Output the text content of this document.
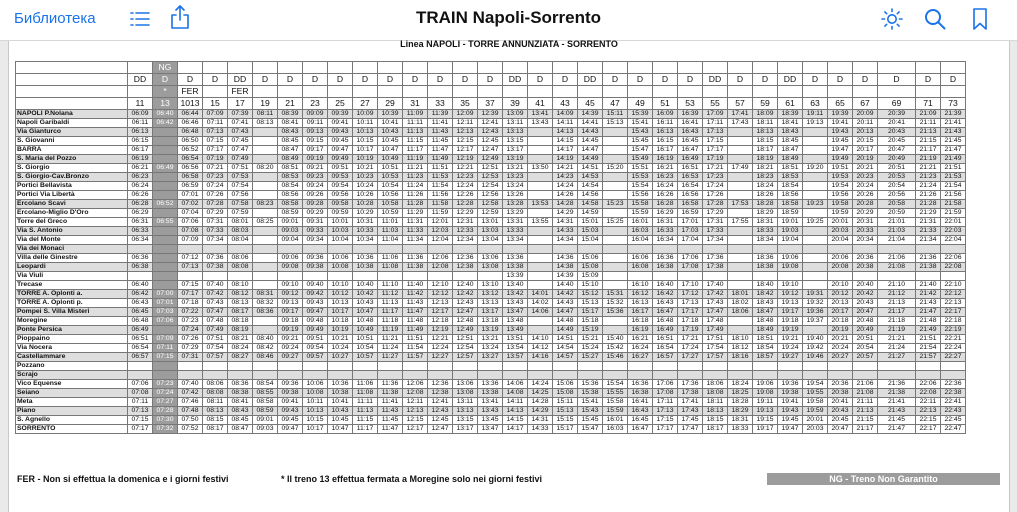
Библиотека	TRAIN Napoli-Sorrento
Linea NAPOLI - TORRE ANNUNZIATA - SORRENTO
		NG																															
	DD	D	D	D	DD	D	D	D	D	D	D	D	D	D	D	DD	D	D	DD	D	D	D	D	DD	D	D	DD	D	D	D	D	D	D
		*	FER		FER																												
	11	13	1013	15	17	19	21	23	25	27	29	31	33	35	37	39	41	43	45	47	49	51	53	55	57	59	61	63	65	67	69	71	73
NAPOLI P.Nolana	06:09	06:40	06:44	07:09	07:39	08:11	08:39	09:09	09:39	10:09	10:39	11:09	11:39	12:09	12:39	13:09	13:41	14:09	14:39	15:11	15:39	16:09	16:39	17:09	17:41	18:09	18:39	19:11	19:39	20:09	20:39	21:09	21:39
Napoli Garibaldi	06:11	06:42	06:46	07:11	07:41	08:13	08:41	09:11	09:41	10:11	10:41	11:11	11:41	12:11	12:41	13:11	13:43	14:11	14:41	15:13	15:41	16:11	16:41	17:11	17:43	18:11	18:41	19:13	19:41	20:11	20:41	21:11	21:41
Via Gianturco	06:13		06:48	07:13	07:43		08:43	09:13	09:43	10:13	10:43	11:13	11:43	12:13	12:43	13:13		14:13	14:43		15:43	16:13	16:43	17:13		18:13	18:43		19:43	20:13	20:43	21:13	21:43
S. Giovanni	06:15		06:50	07:15	07:45		08:45	09:15	09:45	10:15	10:45	11:15	11:45	12:15	12:45	13:15		14:15	14:45		15:45	16:15	16:45	17:15		18:15	18:45		19:45	20:15	20:45	21:15	21:45
BARRA	06:17		06:52	07:17	07:47		08:47	09:17	09:47	10:17	10:47	11:17	11:47	12:17	12:47	13:17		14:17	14:47		15:47	16:17	16:47	17:17		18:17	18:47		19:47	20:17	20:47	21:17	21:47
S. Maria del Pozzo	06:19		06:54	07:19	07:49		08:49	09:19	09:49	10:19	10:49	11:19	11:49	12:19	12:49	13:19		14:19	14:49		15:49	16:19	16:49	17:19		18:19	18:49		19:49	20:19	20:49	21:19	21:49
S. Giorgio	06:21	06:49	06:56	07:21	07:51	08:20	08:51	09:21	09:51	10:21	10:51	11:21	11:51	12:21	12:51	13:21	13:50	14:21	14:51	15:20	15:51	16:21	16:51	17:21	17:49	18:21	18:51	19:20	19:51	20:21	20:51	21:21	21:51
S. Giorgio-Cav.Bronzo	06:23		06:58	07:23	07:53		08:53	09:23	09:53	10:23	10:53	11:23	11:53	12:23	12:53	13:23		14:23	14:53		15:53	16:23	16:53	17:23		18:23	18:53		19:53	20:23	20:53	21:23	21:53
Portici Bellavista	06:24		06:59	07:24	07:54		08:54	09:24	09:54	10:24	10:54	11:24	11:54	12:24	12:54	13:24		14:24	14:54		15:54	16:24	16:54	17:24		18:24	18:54		19:54	20:24	20:54	21:24	21:54
Portici Via Libertà	06:26		07:01	07:26	07:56		08:56	09:26	09:56	10:26	10:56	11:26	11:56	12:26	12:56	13:26		14:26	14:56		15:56	16:26	16:56	17:26		18:26	18:56		19:56	20:26	20:56	21:26	21:56
Ercolano Scavi	06:28	06:52	07:02	07:28	07:58	08:23	08:58	09:28	09:58	10:28	10:58	11:28	11:58	12:28	12:58	13:28	13:53	14:28	14:58	15:23	15:58	16:28	16:58	17:28	17:53	18:28	18:58	19:23	19:58	20:28	20:58	21:28	21:58
Ercolano-Miglio D'Oro	06:29		07:04	07:29	07:59		08:59	09:29	09:59	10:29	10:59	11:29	11:59	12:29	12:59	13:29		14:29	14:59		15:59	16:29	16:59	17:29		18:29	18:59		19:59	20:29	20:59	21:29	21:59
Torre del Greco	06:31	06:55	07:06	07:31	08:01	08:25	09:01	09:31	10:01	10:31	11:01	11:31	12:01	12:31	13:01	13:31	13:55	14:31	15:01	15:25	16:01	16:31	17:01	17:31	17:55	18:31	19:01	19:25	20:01	20:31	21:01	21:31	22:01
Via S. Antonio	06:33		07:08	07:33	08:03		09:03	09:33	10:03	10:33	11:03	11:33	12:03	12:33	13:03	13:33		14:33	15:03		16:03	16:33	17:03	17:33		18:33	19:03		20:03	20:33	21:03	21:33	22:03
Via del Monte	06:34		07:09	07:34	08:04		09:04	09:34	10:04	10:34	11:04	11:34	12:04	12:34	13:04	13:34		14:34	15:04		16:04	16:34	17:04	17:34		18:34	19:04		20:04	20:34	21:04	21:34	22:04
Via dei Monaci																																	
Villa delle Ginestre	06:36		07:12	07:36	08:06		09:06	09:36	10:06	10:36	11:06	11:36	12:06	12:36	13:06	13:36		14:36	15:06		16:06	16:36	17:06	17:36		18:36	19:06		20:06	20:36	21:06	21:36	22:06
Leopardi	06:38		07:13	07:38	08:08		09:08	09:38	10:08	10:38	11:08	11:38	12:08	12:38	13:08	13:38		14:38	15:08		16:08	16:38	17:08	17:38		18:38	19:08		20:08	20:38	21:08	21:38	22:08
Via Viuli																13:39		14:39	15:09														
Trecase	06:40		07:15	07:40	08:10		09:10	09:40	10:10	10:40	11:10	11:40	12:10	12:40	13:10	13:40		14:40	15:10		16:10	16:40	17:10	17:40		18:40	19:10		20:10	20:40	21:10	21:40	22:10
TORRE A. Oplonti a.	06:42	07:00	07:17	07:42	08:12	08:31	09:12	09:42	10:12	10:42	11:12	11:42	12:12	12:42	13:12	13:42	14:01	14:42	15:12	15:31	16:12	16:42	17:12	17:42	18:01	18:42	19:12	19:31	20:12	20:42	21:12	21:42	22:12
TORRE A. Oplonti p.	06:43	07:01	07:18	07:43	08:13	08:32	09:13	09:43	10:13	10:43	11:13	11:43	12:13	12:43	13:13	13:43	14:02	14:43	15:13	15:32	16:13	16:43	17:13	17:43	18:02	18:43	19:13	19:32	20:13	20:43	21:13	21:43	22:13
Pompei S. Villa Misteri	06:45	07:03	07:22	07:47	08:17	08:36	09:17	09:47	10:17	10:47	11:17	11:47	12:17	12:47	13:17	13:47	14:06	14:47	15:17	15:36	16:17	16:47	17:17	17:47	18:06	18:47	19:17	19:36	20:17	20:47	21:17	21:47	22:17
Moregine	06:48	07:06	07:23	07:48	08:18		09:18	09:48	10:18	10:48	11:18	11:48	12:18	12:48	13:18	13:48		14:48	15:18		16:18	16:48	17:18	17:48		18:48	19:18	19:37	20:18	20:48	21:18	21:48	22:18
Ponte Persica	06:49		07:24	07:49	08:19		09:19	09:49	10:19	10:49	11:19	11:49	12:19	12:49	13:19	13:49		14:49	15:19		16:19	16:49	17:19	17:49		18:49	19:19		20:19	20:49	21:19	21:49	22:19
Pioppaino	06:51	07:09	07:26	07:51	08:21	08:40	09:21	09:51	10:21	10:51	11:21	11:51	12:21	12:51	13:21	13:51	14:10	14:51	15:21	15:40	16:21	16:51	17:21	17:51	18:10	18:51	19:21	19:40	20:21	20:51	21:21	21:51	22:21
Via Nocera	06:54	07:11	07:29	07:54	08:24	08:42	09:24	09:54	10:24	10:54	11:24	11:54	12:24	12:54	13:24	13:54	14:12	14:54	15:24	15:42	16:24	16:54	17:24	17:54	18:12	18:54	19:24	19:42	20:24	20:54	21:24	21:54	22:24
Castellammare	06:57	07:15	07:31	07:57	08:27	08:46	09:27	09:57	10:27	10:57	11:27	11:57	12:27	12:57	13:27	13:57	14:16	14:57	15:27	15:46	16:27	16:57	17:27	17:57	18:16	18:57	19:27	19:46	20:27	20:57	21:27	21:57	22:27
Pozzano																																	
Scrajo																																	
Vico Equense	07:06	07:23	07:40	08:06	08:36	08:54	09:36	10:06	10:36	11:06	11:36	12:06	12:36	13:06	13:36	14:06	14:24	15:06	15:36	15:54	16:36	17:06	17:36	18:06	18:24	19:06	19:36	19:54	20:36	21:06	21:36	22:06	22:36
Seiano	07:08	07:24	07:42	08:08	08:38	08:55	09:38	10:08	10:38	11:08	11:38	12:08	12:38	13:08	13:38	14:08	14:25	15:08	15:38	15:55	16:38	17:08	17:38	18:08	18:25	19:08	19:38	19:55	20:38	21:08	21:38	22:08	22:38
Meta	07:11	07:27	07:46	08:11	08:41	08:58	09:41	10:11	10:41	11:11	11:41	12:11	12:41	13:11	13:41	14:11	14:28	15:11	15:41	15:58	16:41	17:11	17:41	18:11	18:28	19:11	19:41	19:58	20:41	21:11	21:41	22:11	22:41
Piano	07:13	07:28	07:48	08:13	08:43	08:59	09:43	10:13	10:43	11:13	11:43	12:13	12:43	13:13	13:43	14:13	14:29	15:13	15:43	15:59	16:43	17:13	17:43	18:13	18:29	19:13	19:43	19:59	20:43	21:13	21:43	22:13	22:43
S. Agnello	07:15	07:30	07:50	08:15	08:45	09:01	09:45	10:15	10:45	11:15	11:45	12:15	12:45	13:15	13:45	14:15	14:31	15:15	15:45	16:01	16:45	17:15	17:45	18:15	18:31	19:15	19:45	20:01	20:45	21:15	21:45	22:15	22:45
SORRENTO	07:17	07:32	07:52	08:17	08:47	09:03	09:47	10:17	10:47	11:17	11:47	12:17	12:47	13:17	13:47	14:17	14:33	15:17	15:47	16:03	16:47	17:17	17:47	18:17	18:33	19:17	19:47	20:03	20:47	21:17	21:47	22:17	22:47
FER - Non si effettua la domenica e i giorni festivi	* Il treno 13 effettua fermata a Moregine solo nei giorni festivi	NG - Treno Non Garantito
